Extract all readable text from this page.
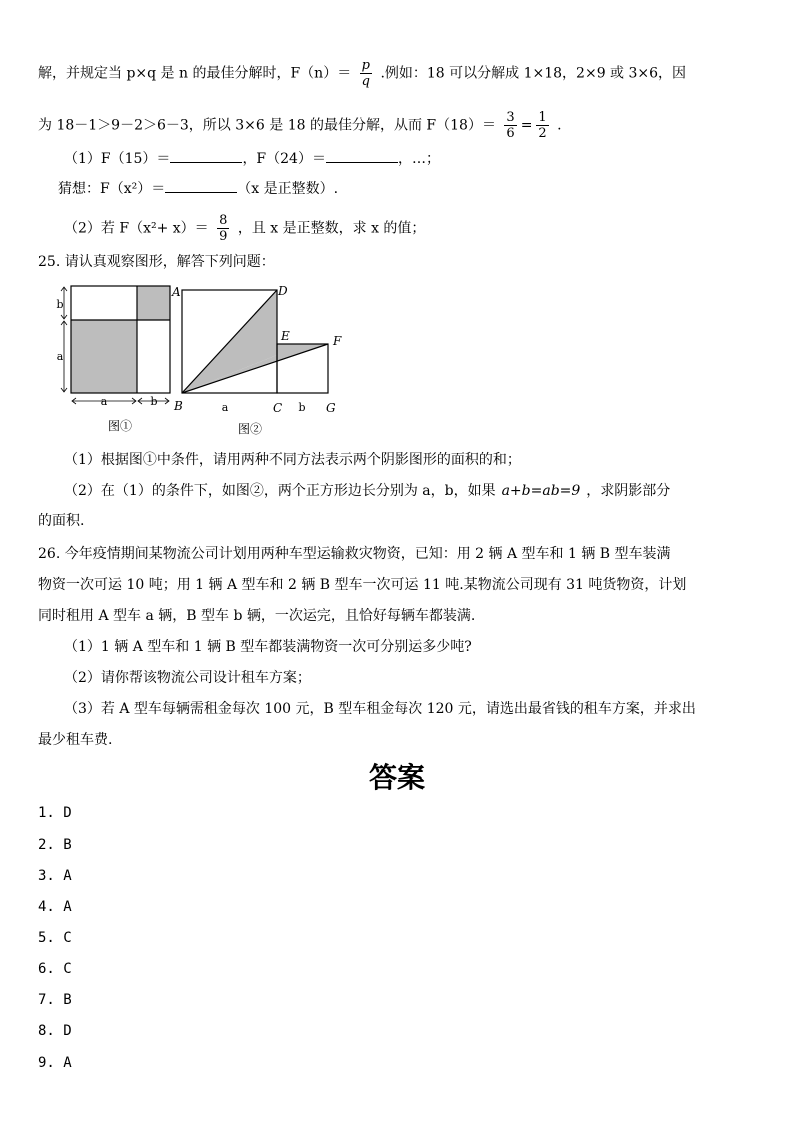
解，并规定当 p×q 是 n 的最佳分解时，$F(n)= \frac{p}{q}$ .例如：18 可以分解成 1×18，2×9 或 3×6，因
为 18－1＞9－2＞6－3，所以 3×6 是 18 的最佳分解，从而 $F(18)= \frac{3}{6} = \frac{1}{2}$ .
（1）F（15）＝	，F（24）＝	，…；
猜想：F（x²）＝	（x 是正整数）.
（2）若 $F(x^2+ x)= \frac{8}{9}$ ，且 x 是正整数，求 x 的值；
25. 请认真观察图形，解答下列问题：
A
b
a
a	b
图①
D
E	F
B	C	G
a	b
图②
（1）根据图①中条件，请用两种不同方法表示两个阴影图形的面积的和；
（2）在（1）的条件下，如图②，两个正方形边长分别为 a，b，如果 a+b=ab=9 ，求阴影部分
的面积.
26. 今年疫情期间某物流公司计划用两种车型运输救灾物资，已知：用 2 辆 A 型车和 1 辆 B 型车装满
物资一次可运 10 吨；用 1 辆 A 型车和 2 辆 B 型车一次可运 11 吨.某物流公司现有 31 吨货物资，计划
同时租用 A 型车 a 辆，B 型车 b 辆，一次运完，且恰好每辆车都装满.
（1）1 辆 A 型车和 1 辆 B 型车都装满物资一次可分别运多少吨?
（2）请你帮该物流公司设计租车方案；
（3）若 A 型车每辆需租金每次 100 元，B 型车租金每次 120 元，请选出最省钱的租车方案，并求出
最少租车费.
答案
1. D
2. B
3. A
4. A
5. C
6. C
7. B
8. D
9. A
